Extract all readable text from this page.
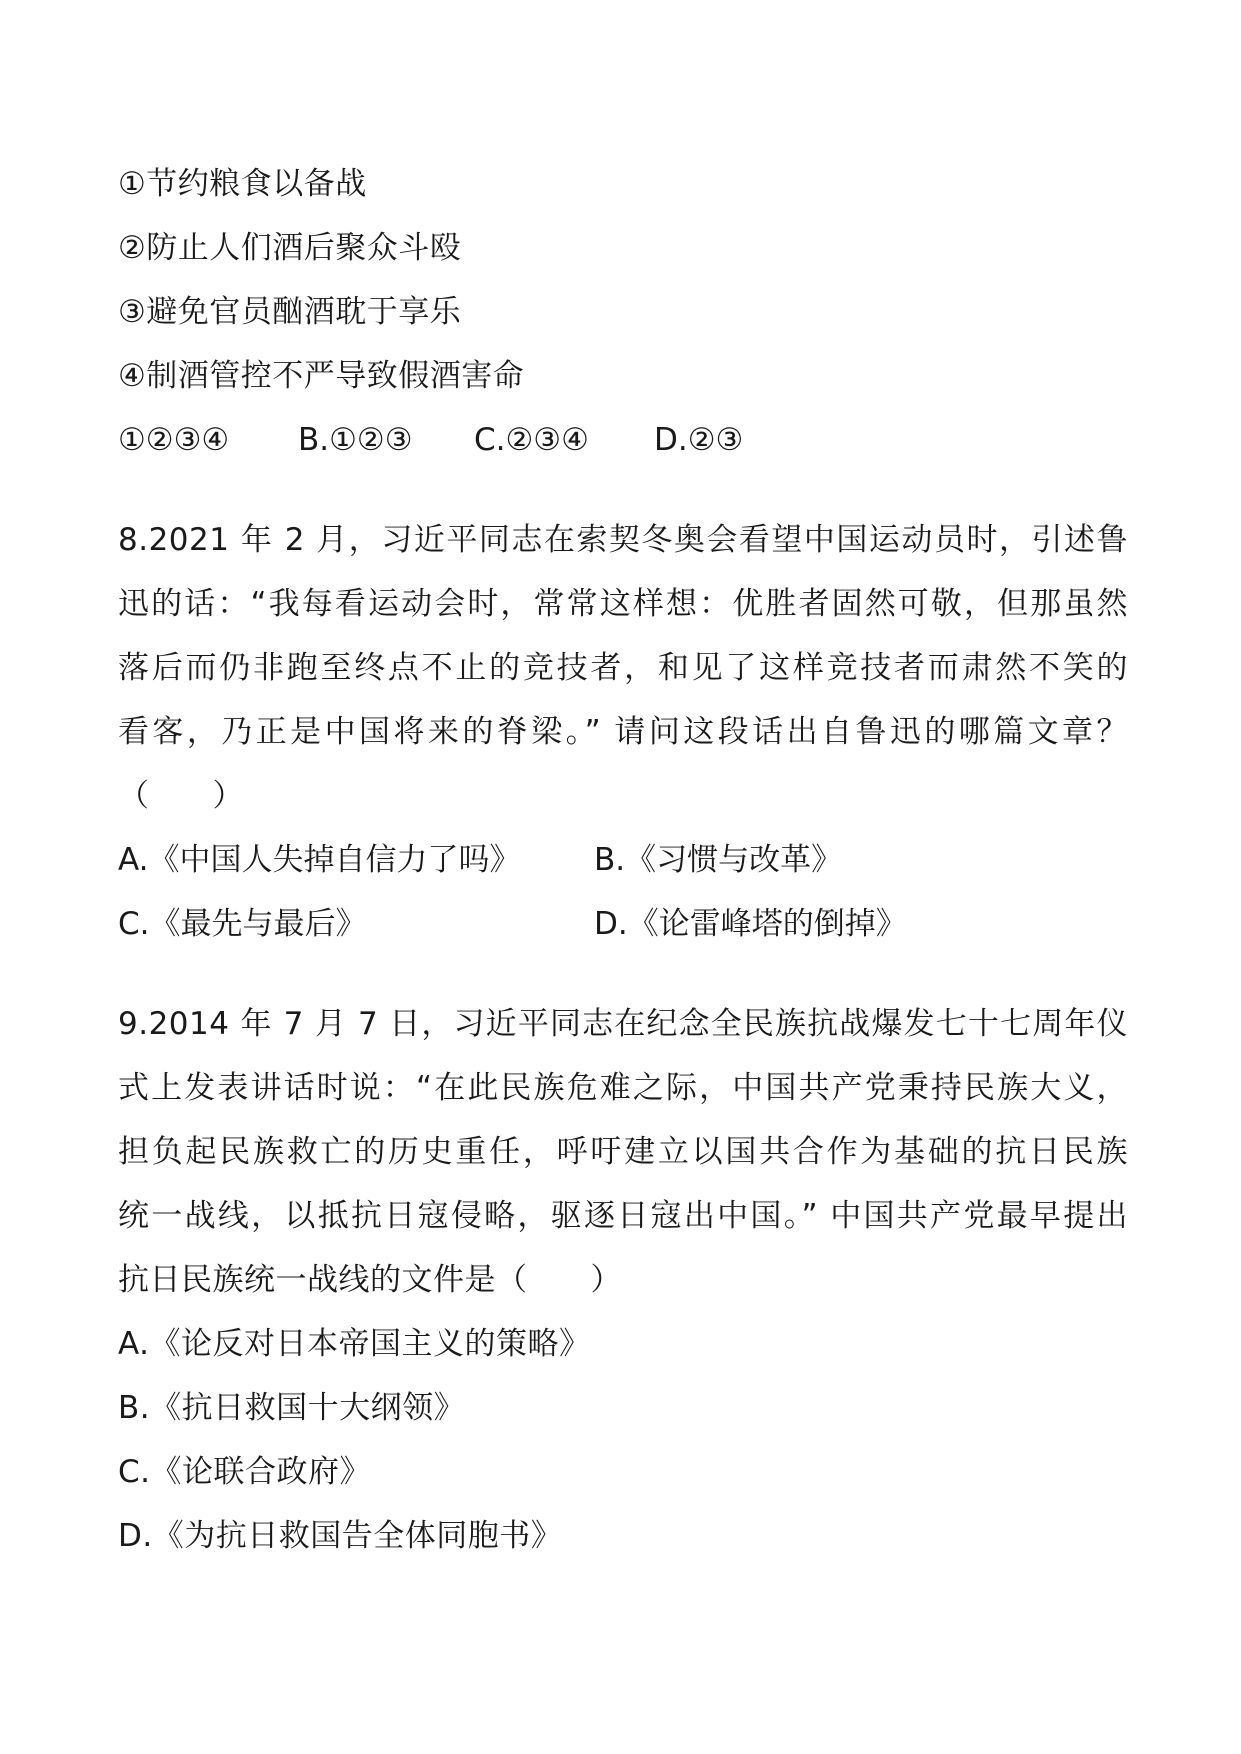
①节约粮食以备战
②防止人们酒后聚众斗殴
③避免官员酗酒耽于享乐
④制酒管控不严导致假酒害命
①②③④ B.①②③ C.②③④ D.②③
8.2021 年 2 月，习近平同志在索契冬奥会看望中国运动员时，引述鲁
迅的话：“我每看运动会时，常常这样想：优胜者固然可敬，但那虽然
落后而仍非跑至终点不止的竞技者，和见了这样竞技者而肃然不笑的
看客，乃正是中国将来的脊梁。” 请问这段话出自鲁迅的哪篇文章？
（　　）
A.《中国人失掉自信力了吗》 B.《习惯与改革》
C.《最先与最后》	D.《论雷峰塔的倒掉》
9.2014 年 7 月 7 日，习近平同志在纪念全民族抗战爆发七十七周年仪
式上发表讲话时说：“在此民族危难之际，中国共产党秉持民族大义，
担负起民族救亡的历史重任，呼吁建立以国共合作为基础的抗日民族
统一战线，以抵抗日寇侵略，驱逐日寇出中国。” 中国共产党最早提出
抗日民族统一战线的文件是（　　）
A.《论反对日本帝国主义的策略》
B.《抗日救国十大纲领》
C.《论联合政府》
D.《为抗日救国告全体同胞书》
